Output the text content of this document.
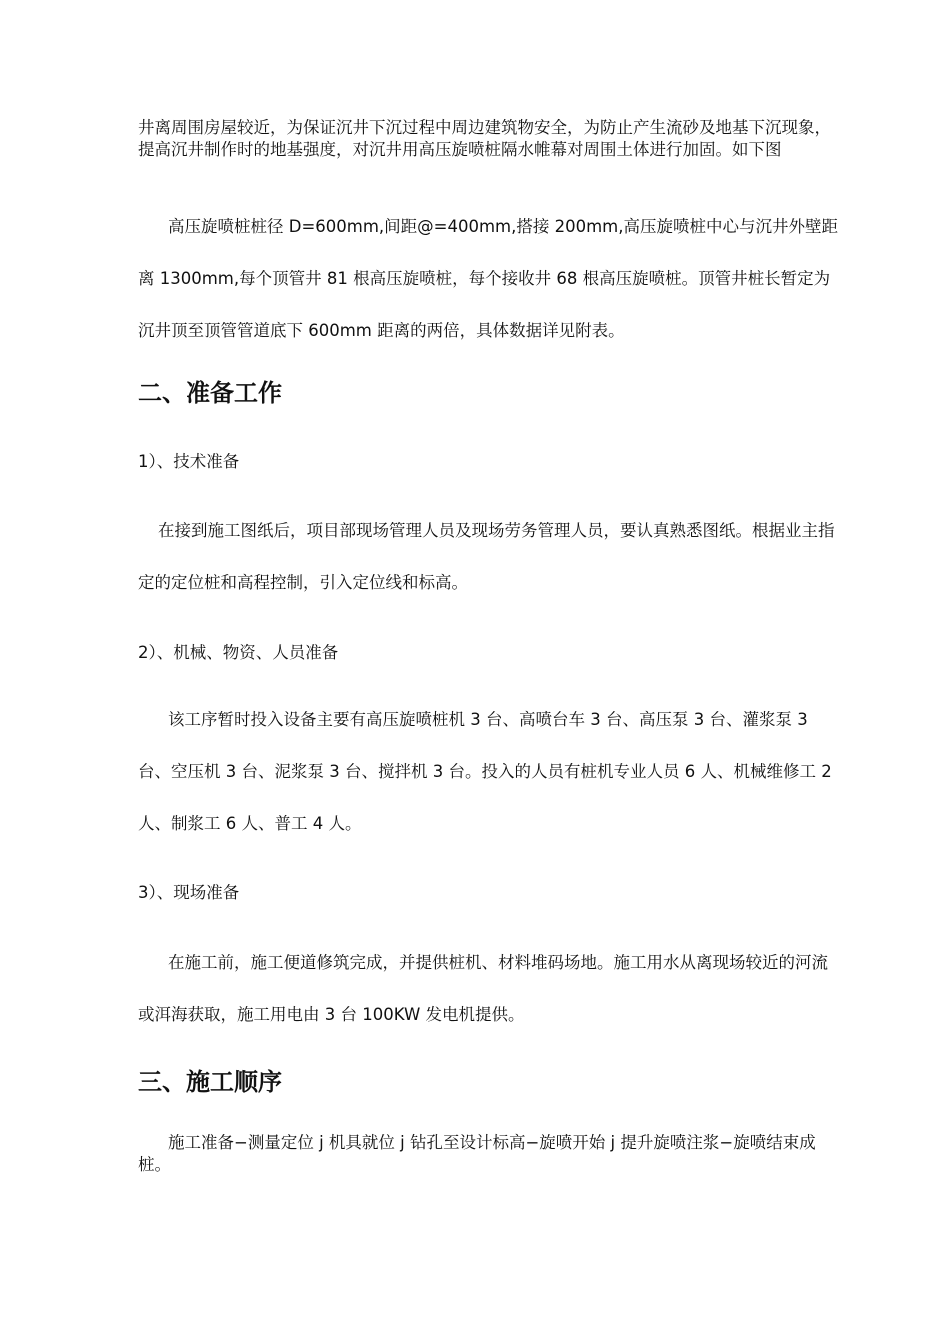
井离周围房屋较近，为保证沉井下沉过程中周边建筑物安全，为防止产生流砂及地基下沉现象，提高沉井制作时的地基强度，对沉井用高压旋喷桩隔水帷幕对周围土体进行加固。如下图

高压旋喷桩桩径 D=600mm,间距@=400mm,搭接 200mm,高压旋喷桩中心与沉井外壁距离 1300mm,每个顶管井 81 根高压旋喷桩，每个接收井 68 根高压旋喷桩。顶管井桩长暂定为沉井顶至顶管管道底下 600mm 距离的两倍，具体数据详见附表。

二、准备工作

1）、技术准备

在接到施工图纸后，项目部现场管理人员及现场劳务管理人员，要认真熟悉图纸。根据业主指定的定位桩和高程控制，引入定位线和标高。

2）、机械、物资、人员准备

该工序暂时投入设备主要有高压旋喷桩机 3 台、高喷台车 3 台、高压泵 3 台、灌浆泵 3 台、空压机 3 台、泥浆泵 3 台、搅拌机 3 台。投入的人员有桩机专业人员 6 人、机械维修工 2 人、制浆工 6 人、普工 4 人。

3）、现场准备

在施工前，施工便道修筑完成，并提供桩机、材料堆码场地。施工用水从离现场较近的河流或洱海获取，施工用电由 3 台 100KW 发电机提供。

三、施工顺序

施工准备−测量定位 j 机具就位 j 钻孔至设计标高−旋喷开始 j 提升旋喷注浆−旋喷结束成桩。
